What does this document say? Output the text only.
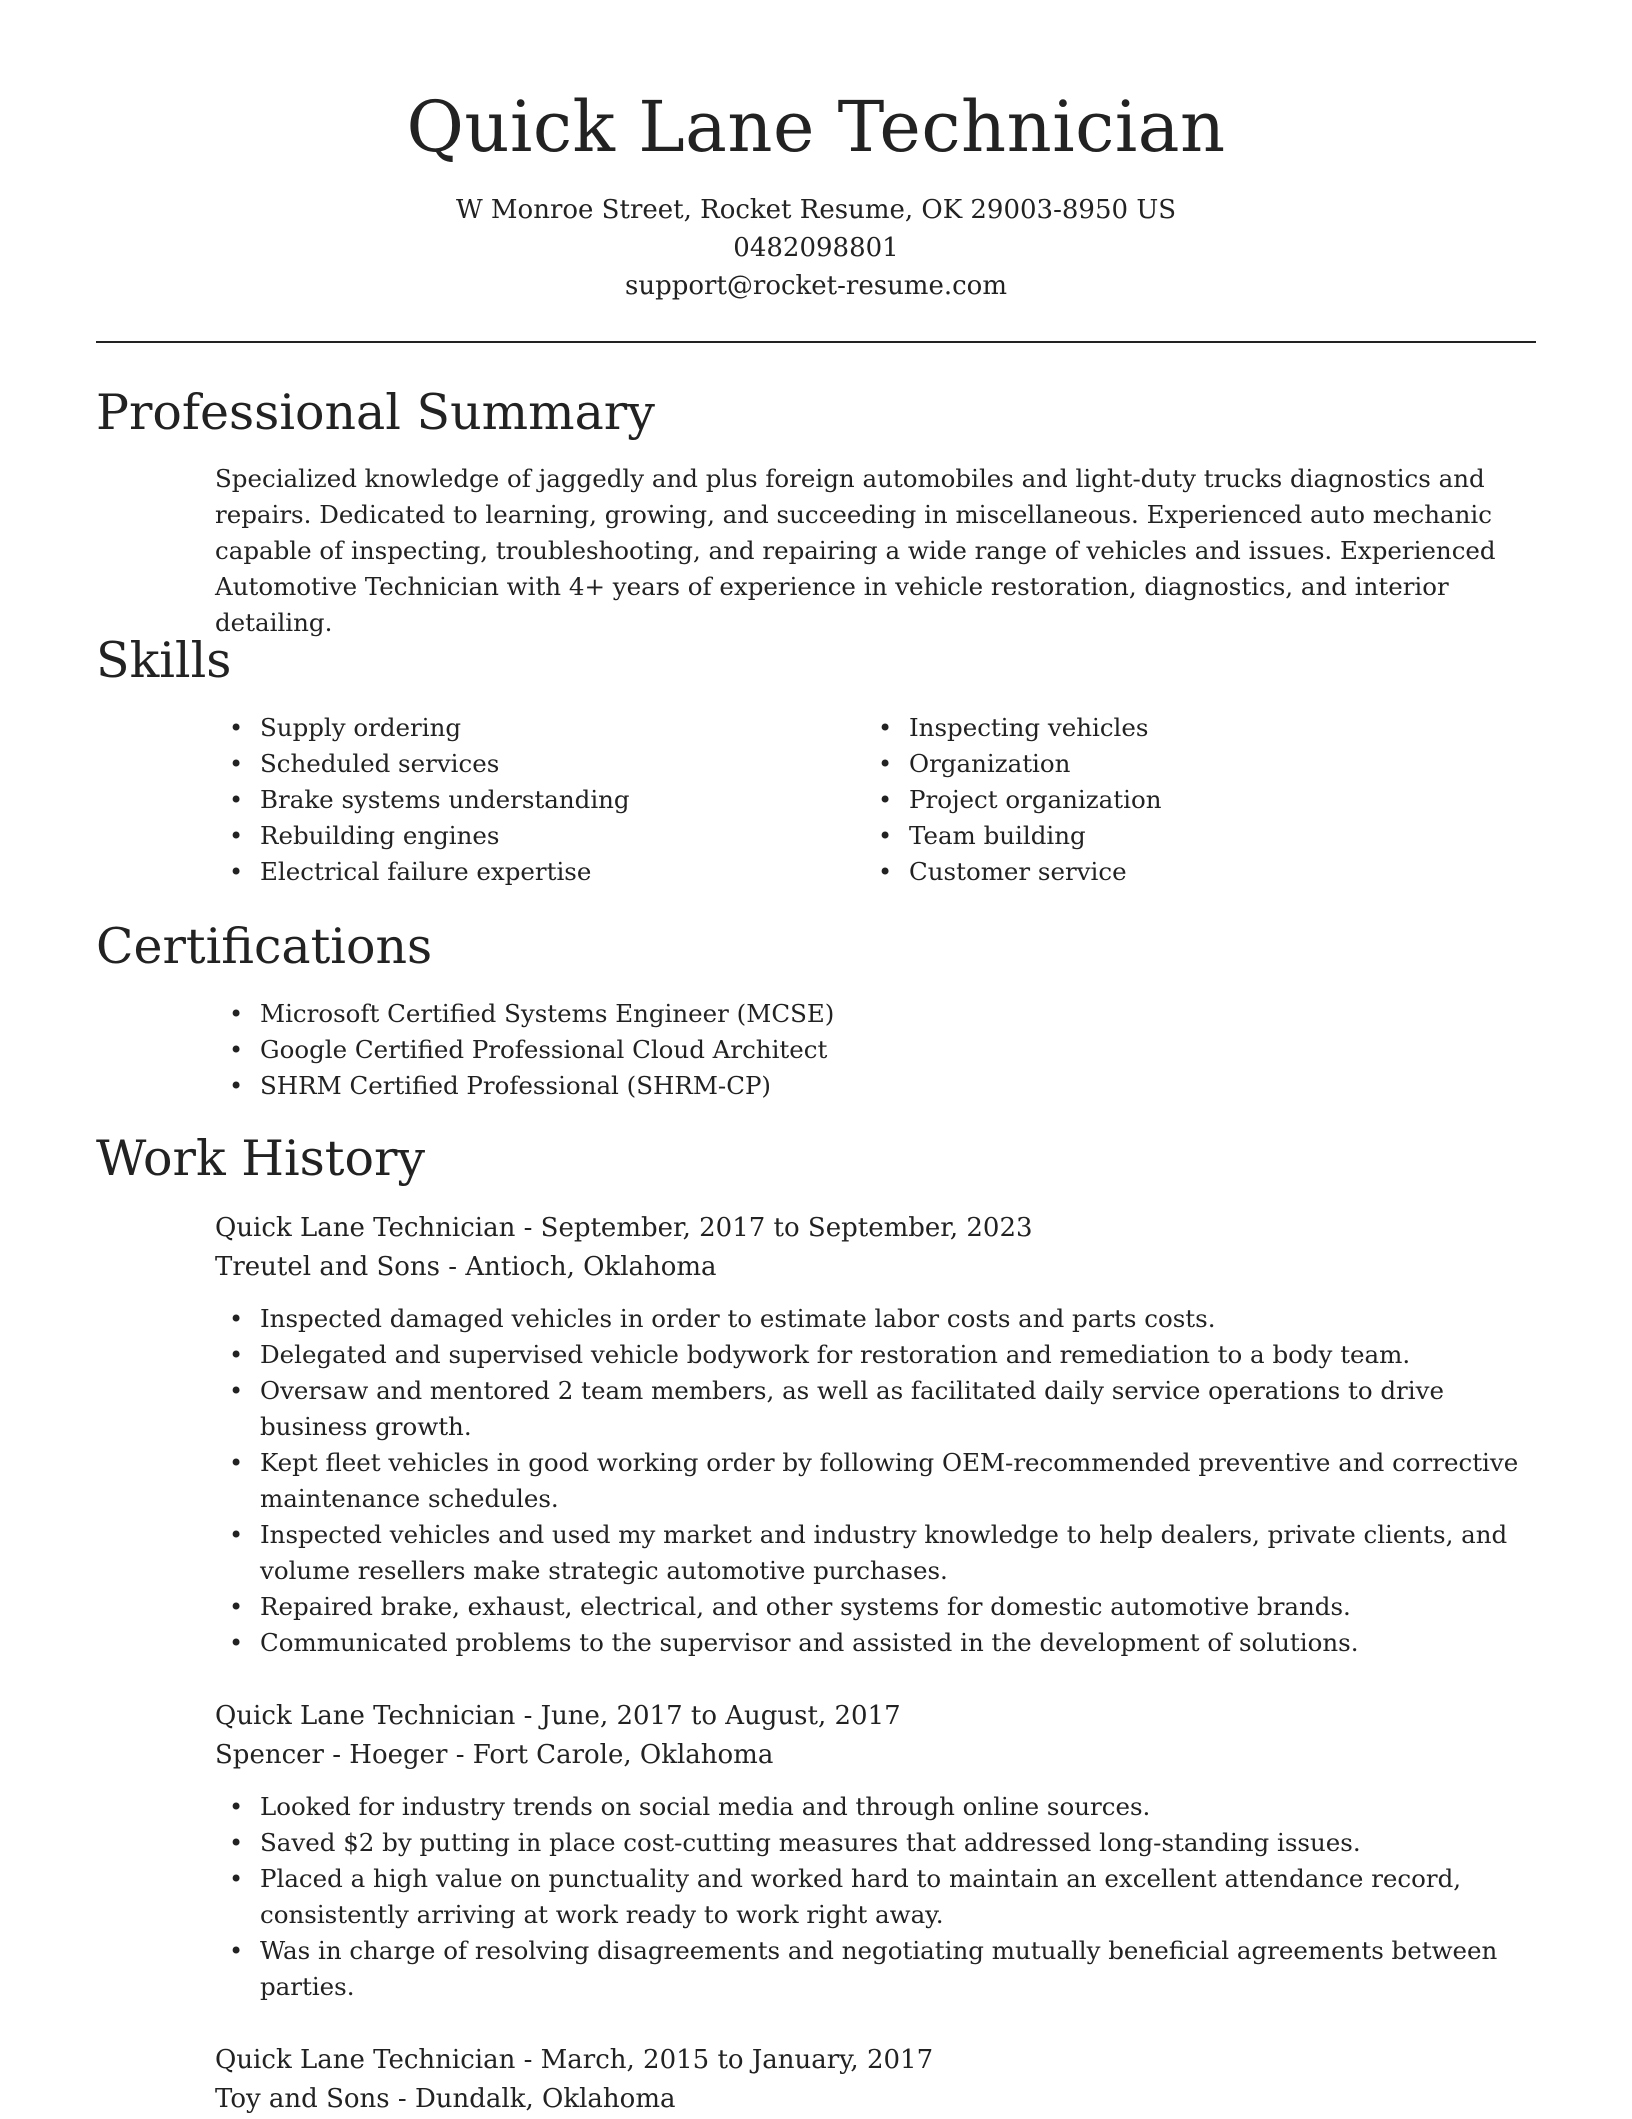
Quick Lane Technician
W Monroe Street, Rocket Resume, OK 29003-8950 US
0482098801
support@rocket-resume.com
Professional Summary

Specialized knowledge of jaggedly and plus foreign automobiles and light-duty trucks diagnostics and repairs. Dedicated to learning, growing, and succeeding in miscellaneous. Experienced auto mechanic capable of inspecting, troubleshooting, and repairing a wide range of vehicles and issues. Experienced Automotive Technician with 4+ years of experience in vehicle restoration, diagnostics, and interior detailing.

Skills
• Supply ordering
• Scheduled services
• Brake systems understanding
• Rebuilding engines
• Electrical failure expertise
• Inspecting vehicles
• Organization
• Project organization
• Team building
• Customer service
Certifications
• Microsoft Certified Systems Engineer (MCSE)
• Google Certified Professional Cloud Architect
• SHRM Certified Professional (SHRM-CP)
Work History
Quick Lane Technician - September, 2017 to September, 2023
Treutel and Sons - Antioch, Oklahoma
• Inspected damaged vehicles in order to estimate labor costs and parts costs.
• Delegated and supervised vehicle bodywork for restoration and remediation to a body team.
• Oversaw and mentored 2 team members, as well as facilitated daily service operations to drive business growth.
• Kept fleet vehicles in good working order by following OEM-recommended preventive and corrective maintenance schedules.
• Inspected vehicles and used my market and industry knowledge to help dealers, private clients, and volume resellers make strategic automotive purchases.
• Repaired brake, exhaust, electrical, and other systems for domestic automotive brands.
• Communicated problems to the supervisor and assisted in the development of solutions.
Quick Lane Technician - June, 2017 to August, 2017
Spencer - Hoeger - Fort Carole, Oklahoma
• Looked for industry trends on social media and through online sources.
• Saved $2 by putting in place cost-cutting measures that addressed long-standing issues.
• Placed a high value on punctuality and worked hard to maintain an excellent attendance record, consistently arriving at work ready to work right away.
• Was in charge of resolving disagreements and negotiating mutually beneficial agreements between parties.
Quick Lane Technician - March, 2015 to January, 2017
Toy and Sons - Dundalk, Oklahoma
